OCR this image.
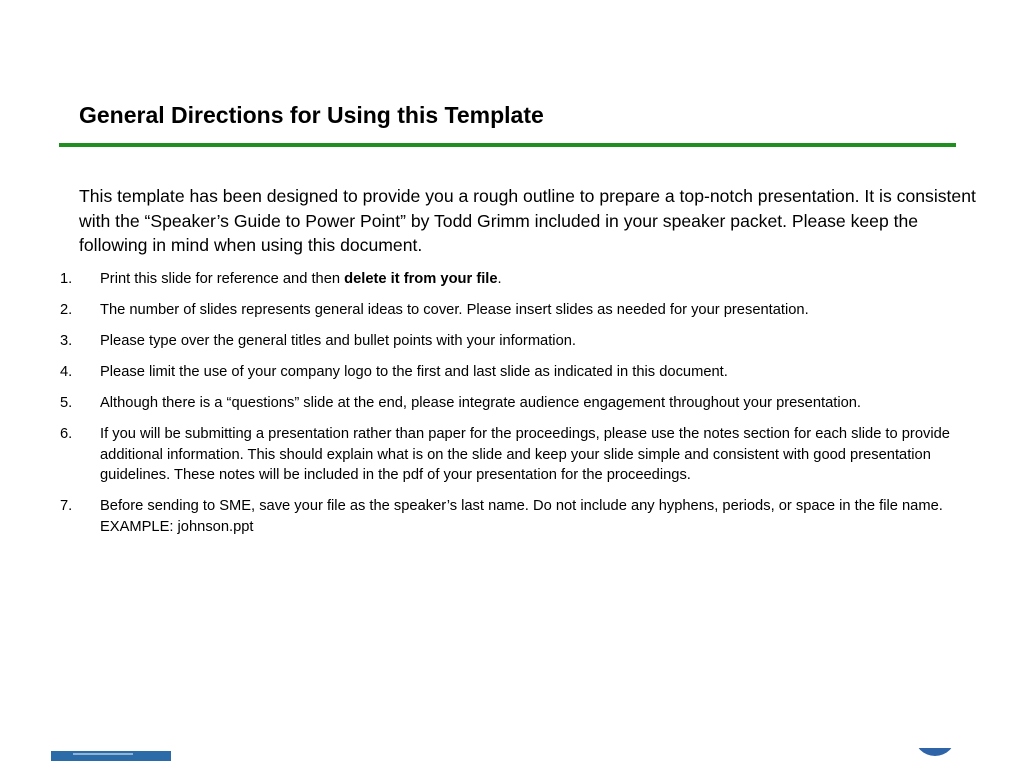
General Directions for Using this Template
This template has been designed to provide you a rough outline to prepare a top-notch presentation. It is consistent with the “Speaker’s Guide to Power Point” by Todd Grimm included in your speaker packet. Please keep the following in mind when using this document.
1. Print this slide for reference and then delete it from your file.
2. The number of slides represents general ideas to cover. Please insert slides as needed for your presentation.
3. Please type over the general titles and bullet points with your information.
4. Please limit the use of your company logo to the first and last slide as indicated in this document.
5. Although there is a “questions” slide at the end, please integrate audience engagement throughout your presentation.
6. If you will be submitting a presentation rather than paper for the proceedings, please use the notes section for each slide to provide additional information. This should explain what is on the slide and keep your slide simple and consistent with good presentation guidelines. These notes will be included in the pdf of your presentation for the proceedings.
7. Before sending to SME, save your file as the speaker’s last name. Do not include any hyphens, periods, or space in the file name. EXAMPLE: johnson.ppt
